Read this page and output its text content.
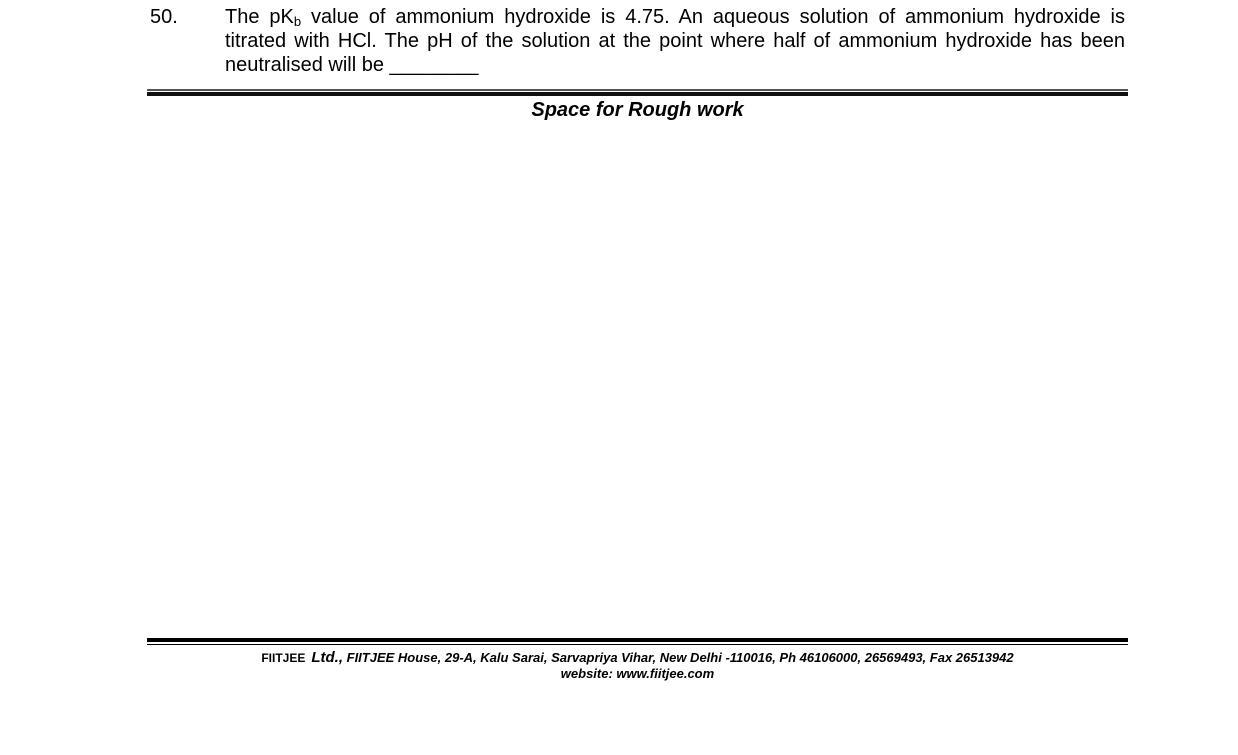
50. The $pK_b$ value of ammonium hydroxide is 4.75. An aqueous solution of ammonium hydroxide is titrated with HCl. The pH of the solution at the point where half of ammonium hydroxide has been neutralised will be ________
Space for Rough work
FIITJEE Ltd., FIITJEE House, 29-A, Kalu Sarai, Sarvapriya Vihar, New Delhi -110016, Ph 46106000, 26569493, Fax 26513942
website: www.fiitjee.com
